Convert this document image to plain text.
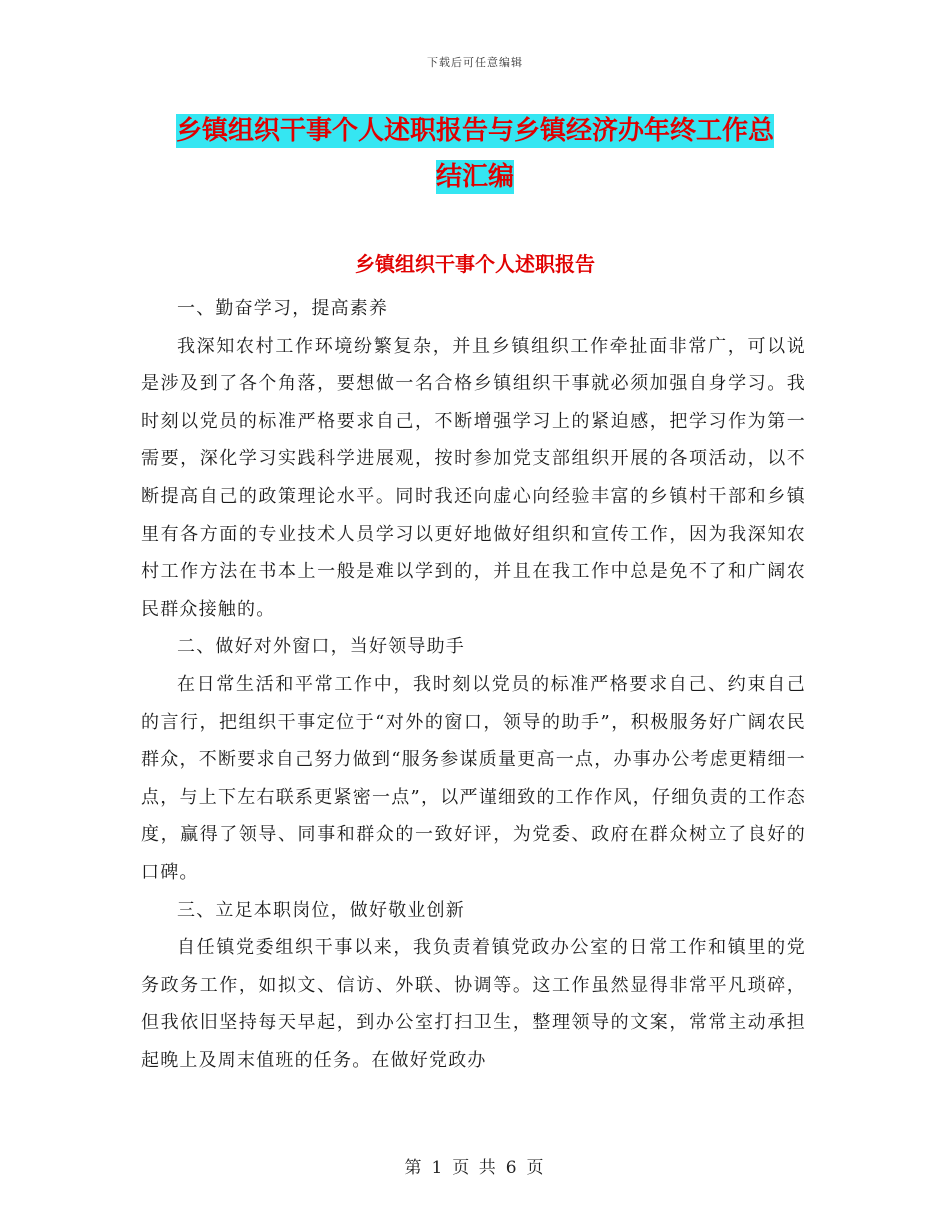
下载后可任意编辑
乡镇组织干事个人述职报告与乡镇经济办年终工作总
结汇编
乡镇组织干事个人述职报告

一、勤奋学习，提高素养

我深知农村工作环境纷繁复杂，并且乡镇组织工作牵扯面非常广，可以说是涉及到了各个角落，要想做一名合格乡镇组织干事就必须加强自身学习。我时刻以党员的标准严格要求自己，不断增强学习上的紧迫感，把学习作为第一需要，深化学习实践科学进展观，按时参加党支部组织开展的各项活动，以不断提高自己的政策理论水平。同时我还向虚心向经验丰富的乡镇村干部和乡镇里有各方面的专业技术人员学习以更好地做好组织和宣传工作，因为我深知农村工作方法在书本上一般是难以学到的，并且在我工作中总是免不了和广阔农民群众接触的。

二、做好对外窗口，当好领导助手

在日常生活和平常工作中，我时刻以党员的标准严格要求自己、约束自己的言行，把组织干事定位于“对外的窗口，领导的助手”，积极服务好广阔农民群众，不断要求自己努力做到“服务参谋质量更高一点，办事办公考虑更精细一点，与上下左右联系更紧密一点”，以严谨细致的工作作风，仔细负责的工作态度，赢得了领导、同事和群众的一致好评，为党委、政府在群众树立了良好的口碑。

三、立足本职岗位，做好敬业创新

自任镇党委组织干事以来，我负责着镇党政办公室的日常工作和镇里的党务政务工作，如拟文、信访、外联、协调等。这工作虽然显得非常平凡琐碎，但我依旧坚持每天早起，到办公室打扫卫生，整理领导的文案，常常主动承担起晚上及周末值班的任务。在做好党政办

第 1 页 共 6 页
